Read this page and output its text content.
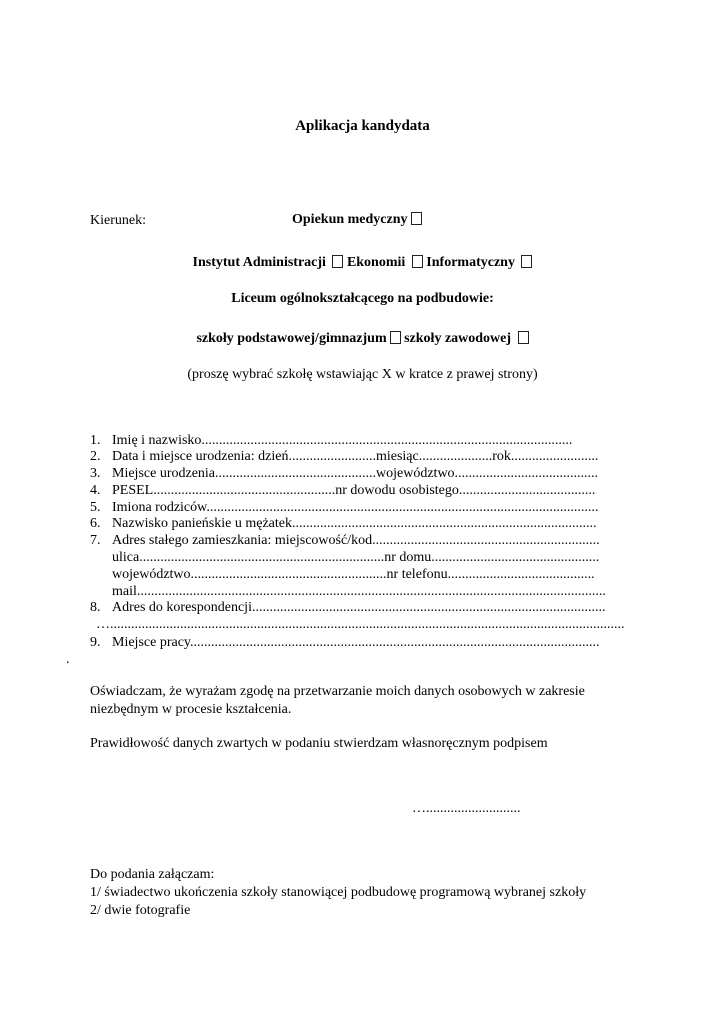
Aplikacja kandydata
Kierunek:	Opiekun medyczny
Instytut Administracji Ekonomii Informatyczny
Liceum ogólnokształcącego na podbudowie:
szkoły podstawowej/gimnazjum szkoły zawodowej
(proszę wybrać szkołę wstawiając X w kratce z prawej strony)
1. Imię i nazwisko..........................................................................................................
2. Data i miejsce urodzenia: dzień.........................miesiąc.....................rok.........................
3. Miejsce urodzenia..............................................województwo.........................................
4. PESEL....................................................nr dowodu osobistego.......................................
5. Imiona rodziców................................................................................................................
6. Nazwisko panieńskie u mężatek.......................................................................................
7. Adres stałego zamieszkania: miejscowość/kod.................................................................
ulica......................................................................nr domu................................................
województwo........................................................nr telefonu..........................................
mail......................................................................................................................................
8. Adres do korespondencji.....................................................................................................
…...................................................................................................................................................
9. Miejsce pracy.....................................................................................................................
.
Oświadczam, że wyrażam zgodę na przetwarzanie moich danych osobowych w zakresie
niezbędnym w procesie kształcenia.
Prawidłowość danych zwartych w podaniu stwierdzam własnoręcznym podpisem
…...........................
Do podania załączam:
1/ świadectwo ukończenia szkoły stanowiącej podbudowę programową wybranej szkoły
2/ dwie fotografie
